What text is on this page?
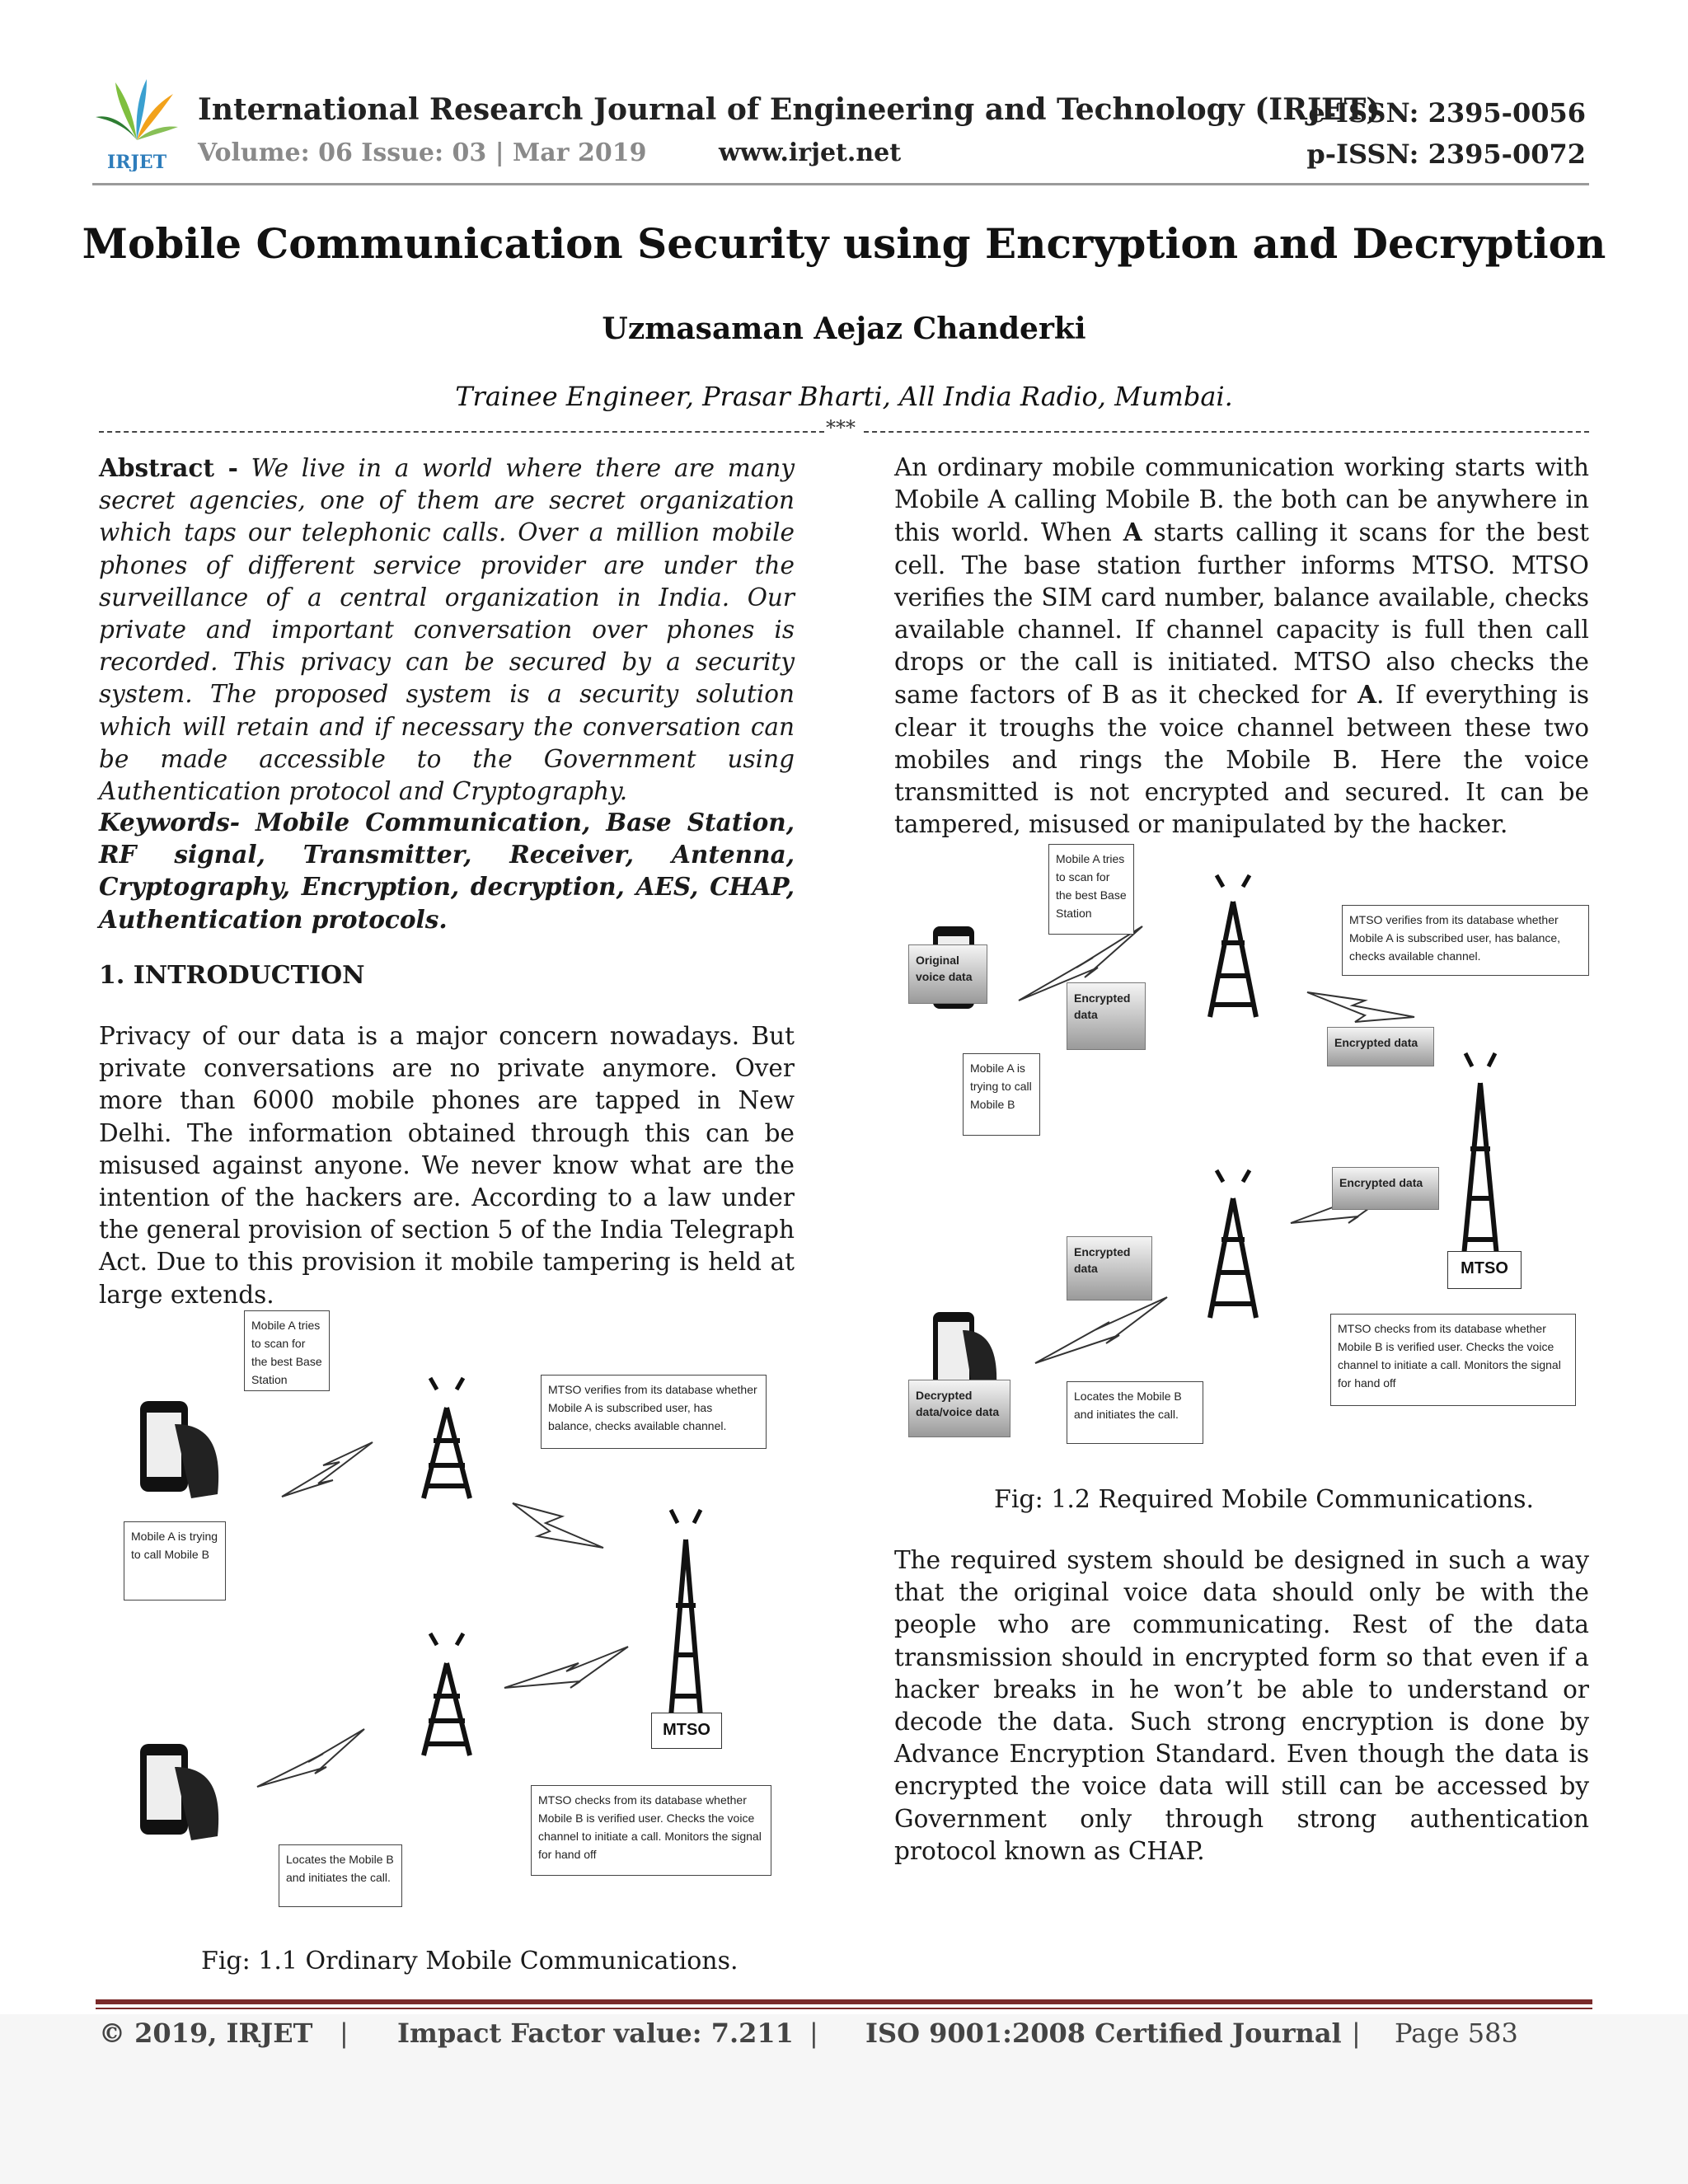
IRJET
International Research Journal of Engineering and Technology (IRJET)
Volume: 06 Issue: 03 | Mar 2019	www.irjet.net
e-ISSN: 2395-0056
p-ISSN: 2395-0072
Mobile Communication Security using Encryption and Decryption
Uzmasaman Aejaz Chanderki
Trainee Engineer, Prasar Bharti, All India Radio, Mumbai.
***
Abstract - We live in a world where there are many secret agencies, one of them are secret organization which taps our telephonic calls. Over a million mobile phones of different service provider are under the surveillance of a central organization in India. Our private and important conversation over phones is recorded. This privacy can be secured by a security system. The proposed system is a security solution which will retain and if necessary the conversation can be made accessible to the Government using Authentication protocol and Cryptography.
Keywords- Mobile Communication, Base Station, RF signal, Transmitter, Receiver, Antenna, Cryptography, Encryption, decryption, AES, CHAP, Authentication protocols.
1. INTRODUCTION
Privacy of our data is a major concern nowadays. But private conversations are no private anymore. Over more than 6000 mobile phones are tapped in New Delhi. The information obtained through this can be misused against anyone. We never know what are the intention of the hackers are. According to a law under the general provision of section 5 of the India Telegraph Act. Due to this provision it mobile tampering is held at large extends.
Mobile A tries to scan for the best Base Station
MTSO verifies from its database whether Mobile A is subscribed user, has balance, checks available channel.
Mobile A is trying to call Mobile B
MTSO
MTSO checks from its database whether Mobile B is verified user. Checks the voice channel to initiate a call. Monitors the signal for hand off
Locates the Mobile B and initiates the call.
Fig: 1.1 Ordinary Mobile Communications.
An ordinary mobile communication working starts with Mobile A calling Mobile B. the both can be anywhere in this world. When A starts calling it scans for the best cell. The base station further informs MTSO. MTSO verifies the SIM card number, balance available, checks available channel. If channel capacity is full then call drops or the call is initiated. MTSO also checks the same factors of B as it checked for A. If everything is clear it troughs the voice channel between these two mobiles and rings the Mobile B. Here the voice transmitted is not encrypted and secured. It can be tampered, misused or manipulated by the hacker.
Mobile A tries to scan for the best Base Station	MTSO verifies from its database whether Mobile A is subscribed user, has balance, checks available channel.
Original voice data
Encrypted data
Encrypted data
Mobile A is trying to call Mobile B
Encrypted data
MTSO
Encrypted data
MTSO checks from its database whether Mobile B is verified user. Checks the voice channel to initiate a call. Monitors the signal for hand off
Decrypted data/voice data
Locates the Mobile B and initiates the call.
Fig: 1.2 Required Mobile Communications.
The required system should be designed in such a way that the original voice data should only be with the people who are communicating. Rest of the data transmission should in encrypted form so that even if a hacker breaks in he won’t be able to understand or decode the data. Such strong encryption is done by Advance Encryption Standard. Even though the data is encrypted the voice data will still can be accessed by Government only through strong authentication protocol known as CHAP.
© 2019, IRJET | Impact Factor value: 7.211 | ISO 9001:2008 Certified Journal | Page 583
